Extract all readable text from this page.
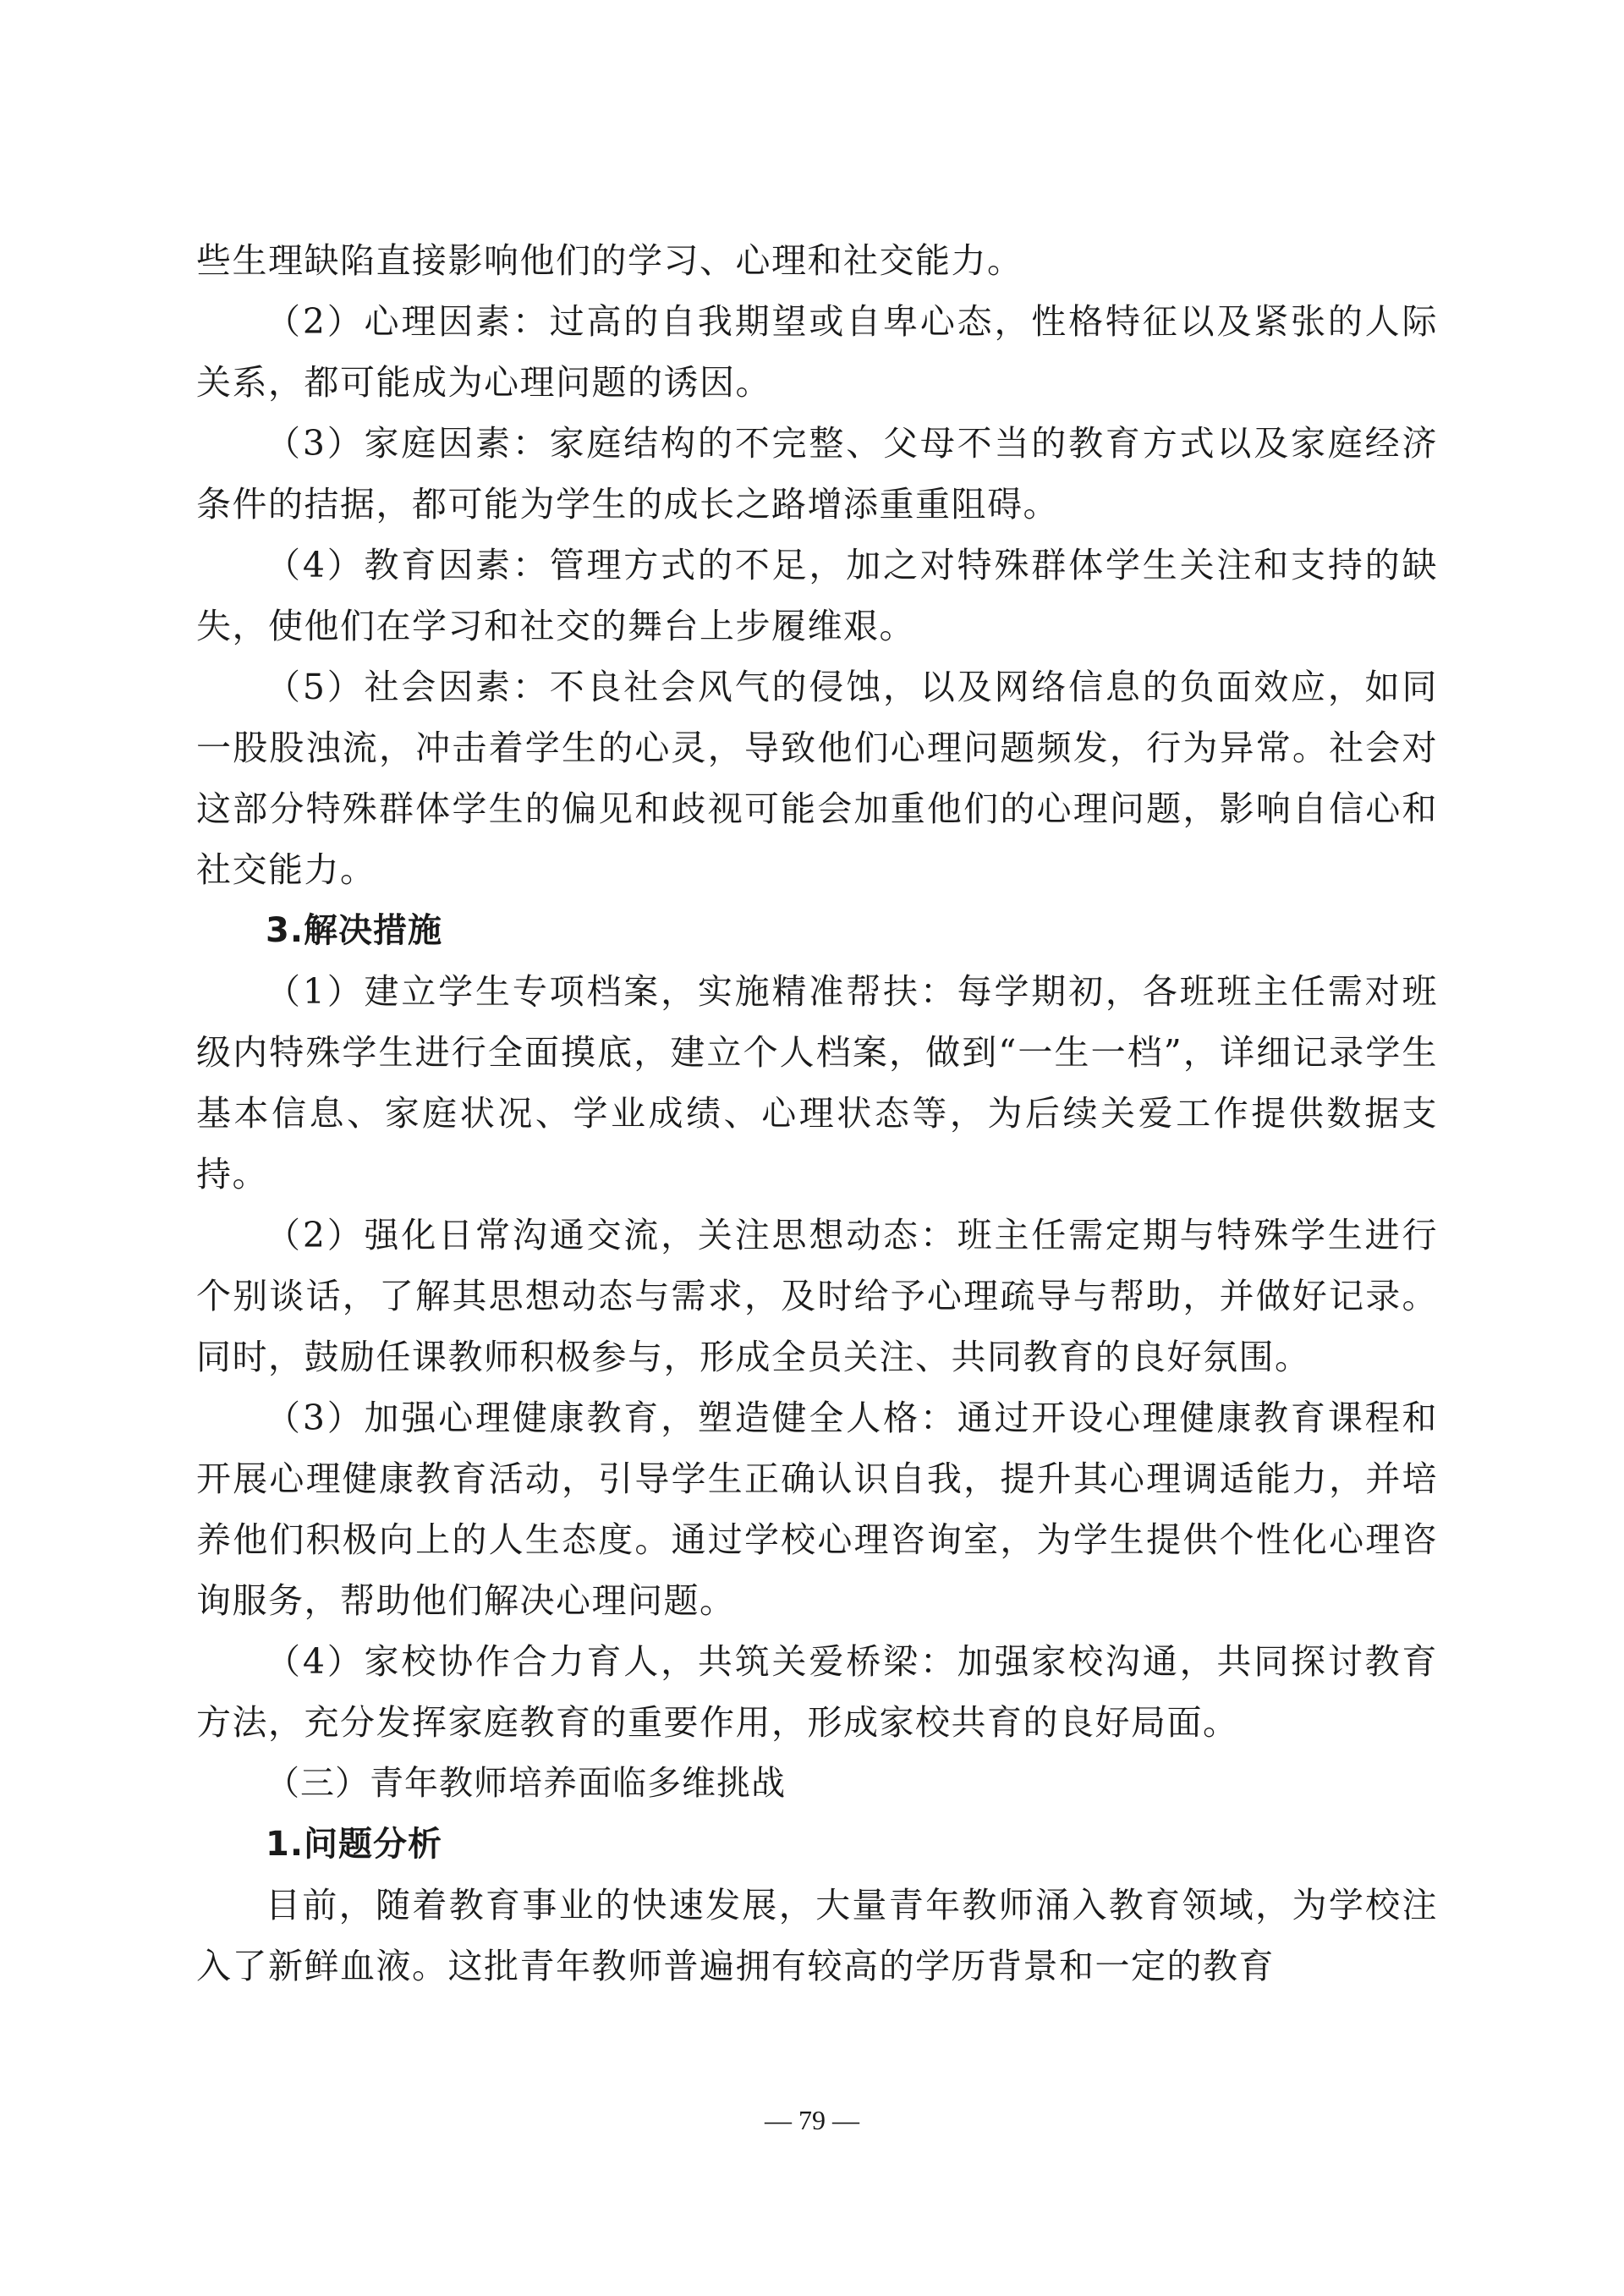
些生理缺陷直接影响他们的学习、心理和社交能力。

（2）心理因素：过高的自我期望或自卑心态，性格特征以及紧张的人际关系，都可能成为心理问题的诱因。

（3）家庭因素：家庭结构的不完整、父母不当的教育方式以及家庭经济条件的拮据，都可能为学生的成长之路增添重重阻碍。

（4）教育因素：管理方式的不足，加之对特殊群体学生关注和支持的缺失，使他们在学习和社交的舞台上步履维艰。

（5）社会因素：不良社会风气的侵蚀，以及网络信息的负面效应，如同一股股浊流，冲击着学生的心灵，导致他们心理问题频发，行为异常。社会对这部分特殊群体学生的偏见和歧视可能会加重他们的心理问题，影响自信心和社交能力。

3.解决措施

（1）建立学生专项档案，实施精准帮扶：每学期初，各班班主任需对班级内特殊学生进行全面摸底，建立个人档案，做到“一生一档”，详细记录学生基本信息、家庭状况、学业成绩、心理状态等，为后续关爱工作提供数据支持。

（2）强化日常沟通交流，关注思想动态：班主任需定期与特殊学生进行个别谈话，了解其思想动态与需求，及时给予心理疏导与帮助，并做好记录。同时，鼓励任课教师积极参与，形成全员关注、共同教育的良好氛围。

（3）加强心理健康教育，塑造健全人格：通过开设心理健康教育课程和开展心理健康教育活动，引导学生正确认识自我，提升其心理调适能力，并培养他们积极向上的人生态度。通过学校心理咨询室，为学生提供个性化心理咨询服务，帮助他们解决心理问题。

（4）家校协作合力育人，共筑关爱桥梁：加强家校沟通，共同探讨教育方法，充分发挥家庭教育的重要作用，形成家校共育的良好局面。

（三）青年教师培养面临多维挑战

1.问题分析

目前，随着教育事业的快速发展，大量青年教师涌入教育领域，为学校注入了新鲜血液。这批青年教师普遍拥有较高的学历背景和一定的教育

— 79 —
